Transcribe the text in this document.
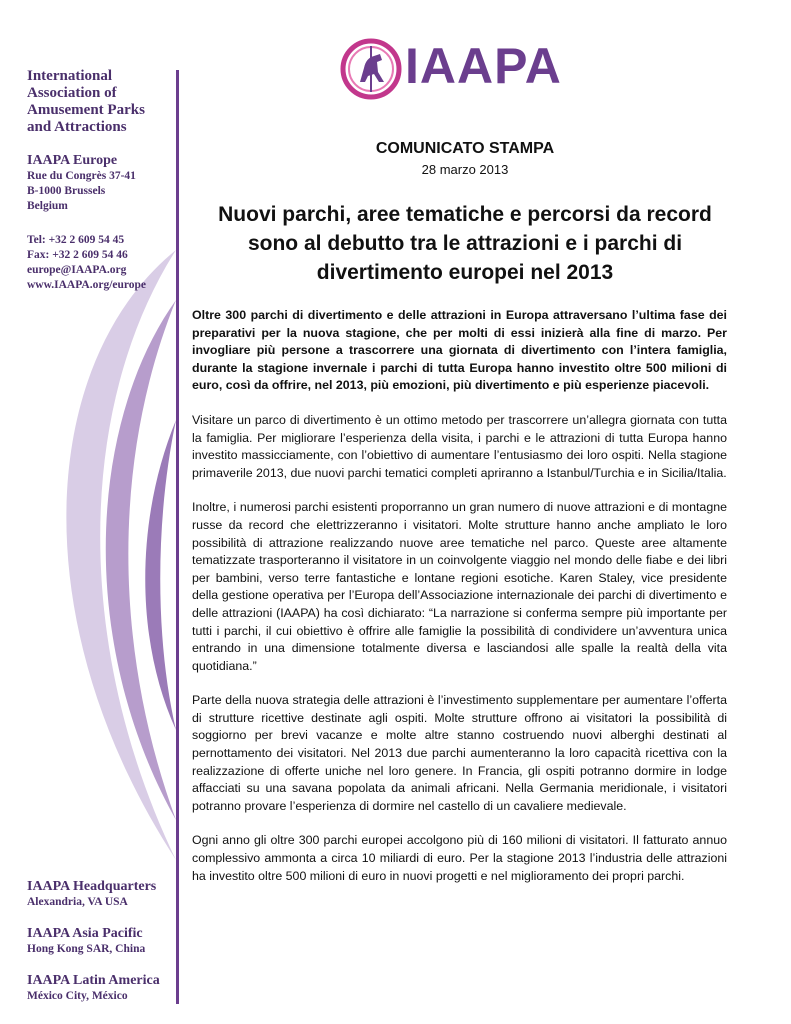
International
Association of
Amusement Parks
and Attractions
IAAPA Europe
Rue du Congrès 37-41
B-1000 Brussels
Belgium
Tel: +32 2 609 54 45
Fax: +32 2 609 54 46
europe@IAAPA.org
www.IAAPA.org/europe
IAAPA Headquarters
Alexandria, VA USA
IAAPA Asia Pacific
Hong Kong SAR, China
IAAPA Latin America
México City, México
IAAPA
COMUNICATO STAMPA
28 marzo 2013
Nuovi parchi, aree tematiche e percorsi da record
sono al debutto tra le attrazioni e i parchi di
divertimento europei nel 2013

Oltre 300 parchi di divertimento e delle attrazioni in Europa attraversano l’ultima fase dei preparativi per la nuova stagione, che per molti di essi inizierà alla fine di marzo. Per invogliare più persone a trascorrere una giornata di divertimento con l’intera famiglia, durante la stagione invernale i parchi di tutta Europa hanno investito oltre 500 milioni di euro, così da offrire, nel 2013, più emozioni, più divertimento e più esperienze piacevoli.

Visitare un parco di divertimento è un ottimo metodo per trascorrere un’allegra giornata con tutta la famiglia. Per migliorare l’esperienza della visita, i parchi e le attrazioni di tutta Europa hanno investito massicciamente, con l’obiettivo di aumentare l’entusiasmo dei loro ospiti. Nella stagione primaverile 2013, due nuovi parchi tematici completi apriranno a Istanbul/Turchia e in Sicilia/Italia.

Inoltre, i numerosi parchi esistenti proporranno un gran numero di nuove attrazioni e di montagne russe da record che elettrizzeranno i visitatori. Molte strutture hanno anche ampliato le loro possibilità di attrazione realizzando nuove aree tematiche nel parco. Queste aree altamente tematizzate trasporteranno il visitatore in un coinvolgente viaggio nel mondo delle fiabe e dei libri per bambini, verso terre fantastiche e lontane regioni esotiche. Karen Staley, vice presidente della gestione operativa per l’Europa dell’Associazione internazionale dei parchi di divertimento e delle attrazioni (IAAPA) ha così dichiarato: “La narrazione si conferma sempre più importante per tutti i parchi, il cui obiettivo è offrire alle famiglie la possibilità di condividere un’avventura unica entrando in una dimensione totalmente diversa e lasciandosi alle spalle la realtà della vita quotidiana.”

Parte della nuova strategia delle attrazioni è l’investimento supplementare per aumentare l’offerta di strutture ricettive destinate agli ospiti. Molte strutture offrono ai visitatori la possibilità di soggiorno per brevi vacanze e molte altre stanno costruendo nuovi alberghi destinati al pernottamento dei visitatori. Nel 2013 due parchi aumenteranno la loro capacità ricettiva con la realizzazione di offerte uniche nel loro genere. In Francia, gli ospiti potranno dormire in lodge affacciati su una savana popolata da animali africani. Nella Germania meridionale, i visitatori potranno provare l’esperienza di dormire nel castello di un cavaliere medievale.

Ogni anno gli oltre 300 parchi europei accolgono più di 160 milioni di visitatori. Il fatturato annuo complessivo ammonta a circa 10 miliardi di euro. Per la stagione 2013 l’industria delle attrazioni ha investito oltre 500 milioni di euro in nuovi progetti e nel miglioramento dei propri parchi.
